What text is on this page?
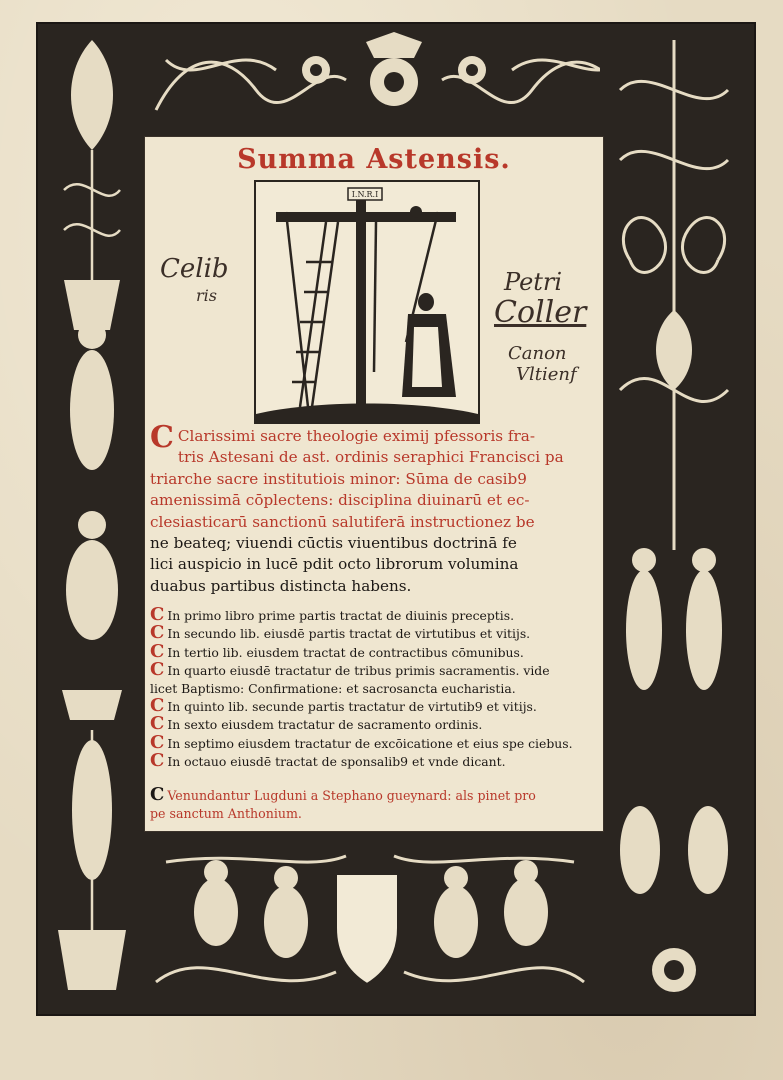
Summa Astensis.
I.N.R.I
Celib
ris
C Clarissimi sacre theologie eximij pfessoris fra-
tris Astesani de ast. ordinis seraphici Francisci pa
triarche sacre institutiois minor: Sūma de casib9
amenissimā cōplectens: disciplina diuinarū et ec-
clesiasticarū sanctionū salutiferā instructionez be
ne beateq; viuendi cūctis viuentibus doctrinā fe
lici auspicio in lucē pdit octo librorum volumina
duabus partibus distincta habens.
C In primo libro prime partis tractat de diuinis preceptis.
C In secundo lib. eiusdē partis tractat de virtutibus et vitijs.
C In tertio lib. eiusdem tractat de contractibus cōmunibus.
C In quarto eiusdē tractatur de tribus primis sacramentis. vide
licet Baptismo: Confirmatione: et sacrosancta eucharistia.
C In quinto lib. secunde partis tractatur de virtutib9 et vitijs.
C In sexto eiusdem tractatur de sacramento ordinis.
C In septimo eiusdem tractatur de excōicatione et eius spe ciebus.
C In octauo eiusdē tractat de sponsalib9 et vnde dicant.
C Venundantur Lugduni a Stephano gueynard: als pinet pro
pe sanctum Anthonium.
Petri
Coller
Canon
Vltienf
